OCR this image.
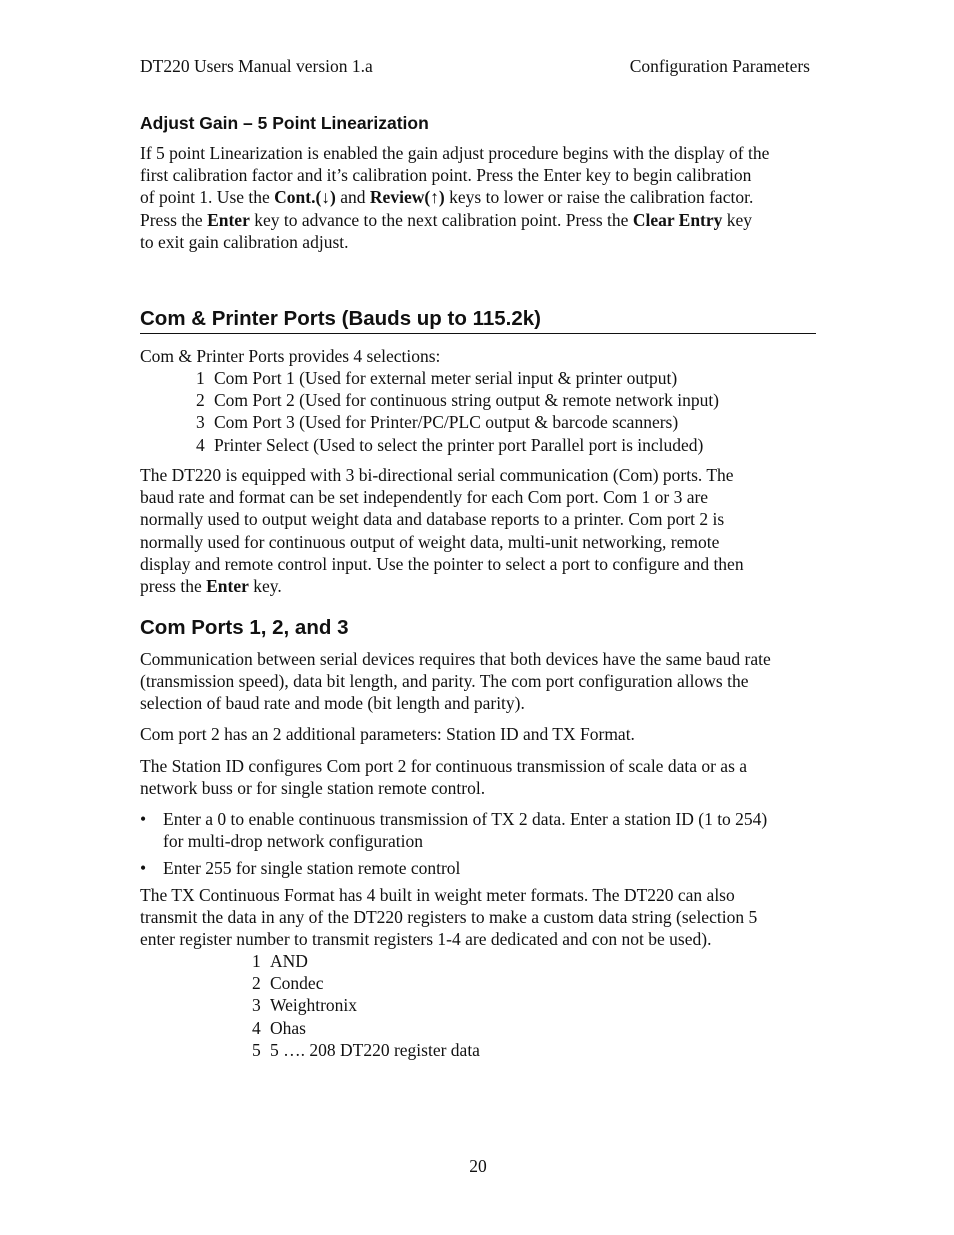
DT220 Users Manual version 1.a	Configuration Parameters
Adjust Gain – 5 Point Linearization

If 5 point Linearization is enabled the gain adjust procedure begins with the display of the

first calibration factor and it’s calibration point. Press the Enter key to begin calibration

of point 1. Use the Cont.(↓) and Review(↑) keys to lower or raise the calibration factor.

Press the Enter key to advance to the next calibration point. Press the Clear Entry key

to exit gain calibration adjust.

Com & Printer Ports (Bauds up to 115.2k)

Com & Printer Ports provides 4 selections:

1 Com Port 1 (Used for external meter serial input & printer output)

2 Com Port 2 (Used for continuous string output & remote network input)

3 Com Port 3 (Used for Printer/PC/PLC output & barcode scanners)

4 Printer Select (Used to select the printer port Parallel port is included)

The DT220 is equipped with 3 bi-directional serial communication (Com) ports. The

baud rate and format can be set independently for each Com port. Com 1 or 3 are

normally used to output weight data and database reports to a printer. Com port 2 is

normally used for continuous output of weight data, multi-unit networking, remote

display and remote control input. Use the pointer to select a port to configure and then

press the Enter key.

Com Ports 1, 2, and 3

Communication between serial devices requires that both devices have the same baud rate

(transmission speed), data bit length, and parity. The com port configuration allows the

selection of baud rate and mode (bit length and parity).

Com port 2 has an 2 additional parameters: Station ID and TX Format.

The Station ID configures Com port 2 for continuous transmission of scale data or as a

network buss or for single station remote control.

• Enter a 0 to enable continuous transmission of TX 2 data. Enter a station ID (1 to 254)
for multi-drop network configuration
• Enter 255 for single station remote control

The TX Continuous Format has 4 built in weight meter formats. The DT220 can also

transmit the data in any of the DT220 registers to make a custom data string (selection 5

enter register number to transmit registers 1-4 are dedicated and con not be used).

1 AND

2 Condec

3 Weightronix

4 Ohas

5 5 …. 208 DT220 register data

20
